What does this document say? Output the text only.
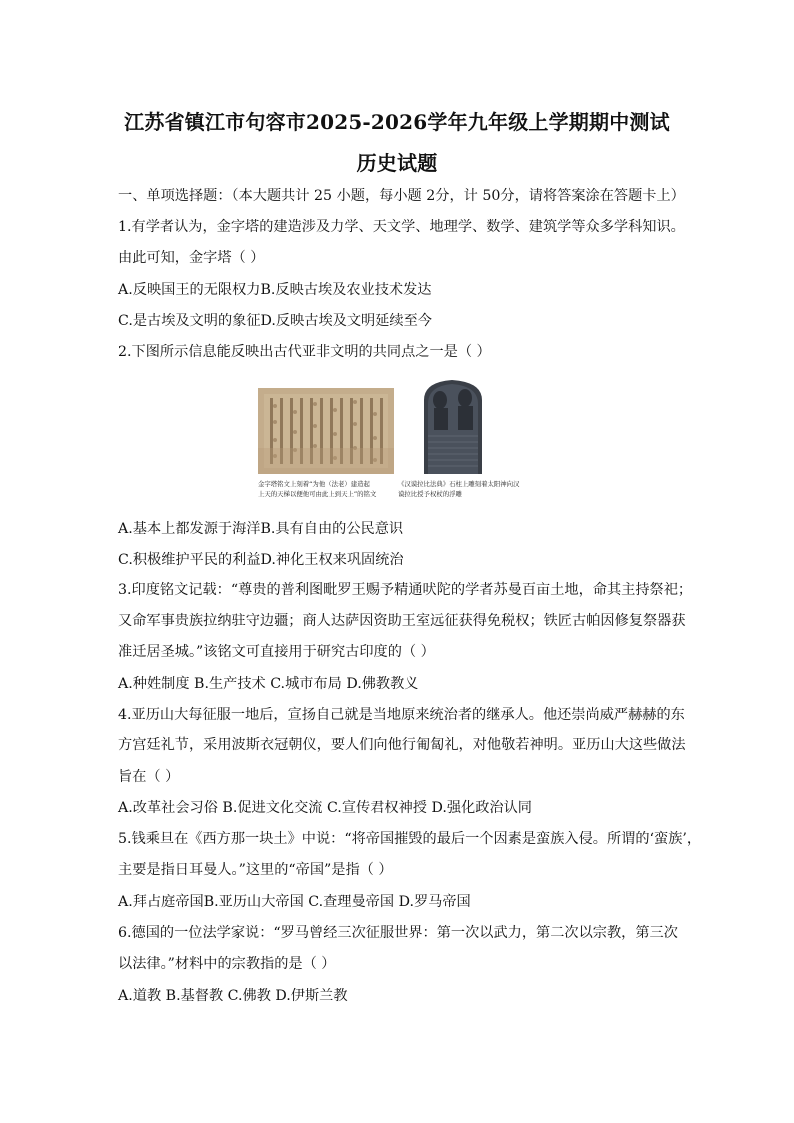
江苏省镇江市句容市2025-2026学年九年级上学期期中测试
历史试题
一、单项选择题：（本大题共计 25 小题，每小题 2分，计 50分，请将答案涂在答题卡上）
1.有学者认为，金字塔的建造涉及力学、天文学、地理学、数学、建筑学等众多学科知识。
由此可知，金字塔（ ）
A.反映国王的无限权力B.反映古埃及农业技术发达
C.是古埃及文明的象征D.反映古埃及文明延续至今
2.下图所示信息能反映出古代亚非文明的共同点之一是（ ）
金字塔铭文上刻着“为他（法老）建造起
上天的天梯以便他可由此上到天上”的铭文
《汉谟拉比法典》石柱上雕刻着太阳神向汉
谟拉比授予权杖的浮雕
A.基本上都发源于海洋B.具有自由的公民意识
C.积极维护平民的利益D.神化王权来巩固统治
3.印度铭文记载：“尊贵的普利图毗罗王赐予精通吠陀的学者苏曼百亩土地，命其主持祭祀；
又命军事贵族拉纳驻守边疆；商人达萨因资助王室远征获得免税权；铁匠古帕因修复祭器获
准迁居圣城。”该铭文可直接用于研究古印度的（ ）
A.种姓制度 B.生产技术 C.城市布局 D.佛教教义
4.亚历山大每征服一地后，宣扬自己就是当地原来统治者的继承人。他还崇尚威严赫赫的东
方宫廷礼节，采用波斯衣冠朝仪，要人们向他行匍匐礼，对他敬若神明。亚历山大这些做法
旨在（ ）
A.改革社会习俗 B.促进文化交流 C.宣传君权神授 D.强化政治认同
5.钱乘旦在《西方那一块土》中说：“将帝国摧毁的最后一个因素是蛮族入侵。所谓的‘蛮族’，
主要是指日耳曼人。”这里的“帝国”是指（ ）
A.拜占庭帝国B.亚历山大帝国 C.查理曼帝国 D.罗马帝国
6.德国的一位法学家说：“罗马曾经三次征服世界：第一次以武力，第二次以宗教，第三次
以法律。”材料中的宗教指的是（ ）
A.道教 B.基督教 C.佛教 D.伊斯兰教
